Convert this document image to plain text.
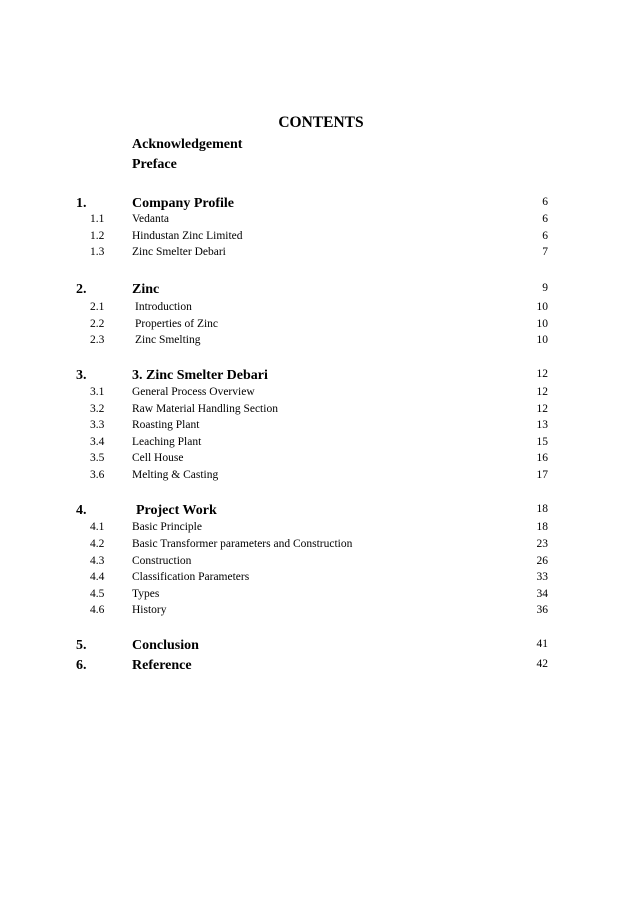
CONTENTS
Acknowledgement
Preface
1.	Company Profile	6
1.1 Vedanta	6
1.2 Hindustan Zinc Limited	6
1.3 Zinc Smelter Debari	7
2.	Zinc	9
2.1	Introduction	10
2.2	Properties of Zinc	10
2.3	Zinc Smelting	10
3.	3. Zinc Smelter Debari	12
3.1 General Process Overview	12
3.2 Raw Material Handling Section	12
3.3 Roasting Plant	13
3.4 Leaching Plant	15
3.5 Cell House	16
3.6 Melting & Casting	17
4.	Project Work	18
4.1 Basic Principle	18
4.2 Basic Transformer parameters and Construction	23
4.3 Construction	26
4.4 Classification Parameters	33
4.5 Types	34
4.6 History	36
5.	Conclusion	41
6.	Reference	42
